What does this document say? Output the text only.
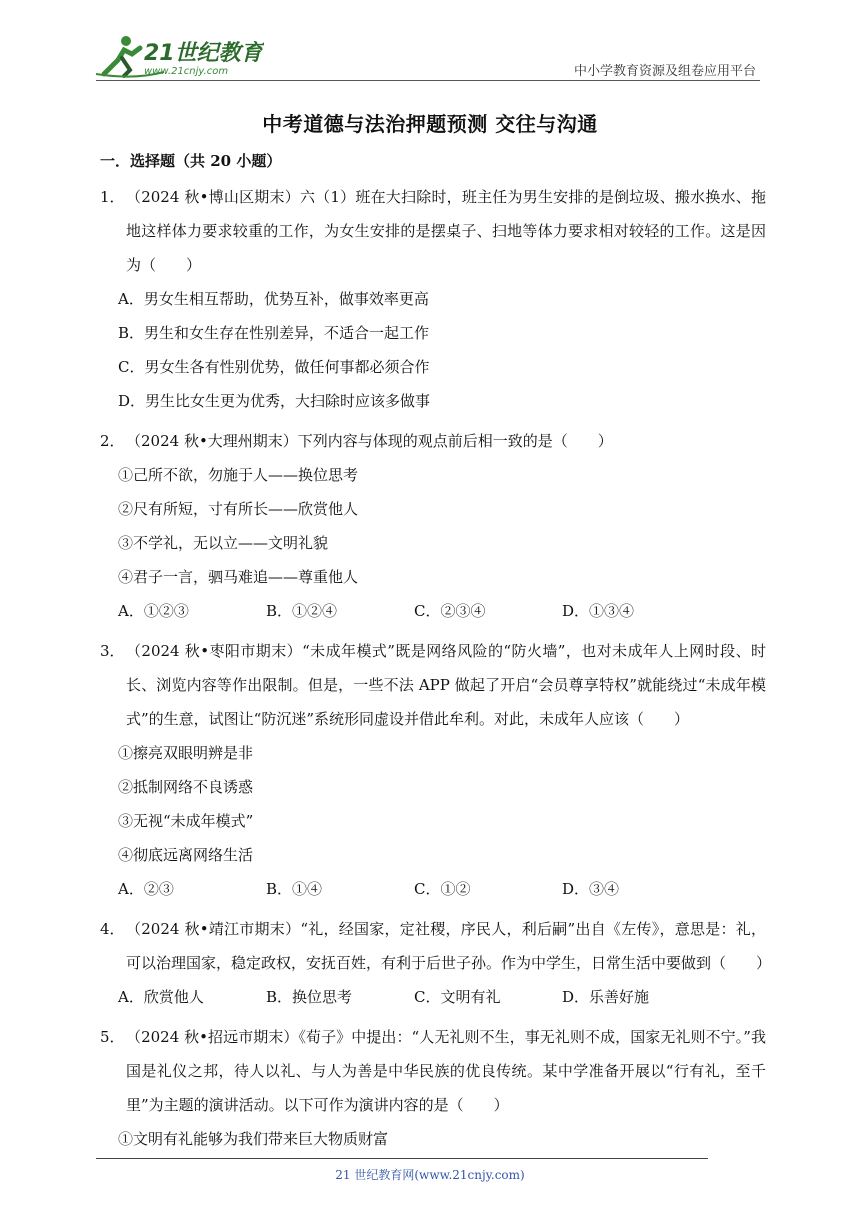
21世纪教育
www.21cnjy.com	中小学教育资源及组卷应用平台
中考道德与法治押题预测 交往与沟通
一．选择题（共 20 小题）
1． （2024 秋•博山区期末）六（1）班在大扫除时，班主任为男生安排的是倒垃圾、搬水换水、拖地这样体力要求较重的工作，为女生安排的是摆桌子、扫地等体力要求相对较轻的工作。这是因为（　　）
A．男女生相互帮助，优势互补，做事效率更高
B．男生和女生存在性别差异，不适合一起工作
C．男女生各有性别优势，做任何事都必须合作
D．男生比女生更为优秀，大扫除时应该多做事
2． （2024 秋•大理州期末）下列内容与体现的观点前后相一致的是（　　）
①己所不欲，勿施于人——换位思考
②尺有所短，寸有所长——欣赏他人
③不学礼，无以立——文明礼貌
④君子一言，驷马难追——尊重他人
A．①②③	B．①②④	C．②③④	D．①③④
3． （2024 秋•枣阳市期末）“未成年模式”既是网络风险的“防火墙”，也对未成年人上网时段、时长、浏览内容等作出限制。但是，一些不法 APP 做起了开启“会员尊享特权”就能绕过“未成年模式”的生意，试图让“防沉迷”系统形同虚设并借此牟利。对此，未成年人应该（　　）
①擦亮双眼明辨是非
②抵制网络不良诱惑
③无视“未成年模式”
④彻底远离网络生活
A．②③	B．①④	C．①②	D．③④
4． （2024 秋•靖江市期末）“礼，经国家，定社稷，序民人，利后嗣”出自《左传》，意思是：礼，可以治理国家，稳定政权，安抚百姓，有利于后世子孙。作为中学生，日常生活中要做到（　　）
A．欣赏他人	B．换位思考	C．文明有礼	D．乐善好施
5． （2024 秋•招远市期末）《荀子》中提出：“人无礼则不生，事无礼则不成，国家无礼则不宁。”我国是礼仪之邦，待人以礼、与人为善是中华民族的优良传统。某中学准备开展以“行有礼，至千里”为主题的演讲活动。以下可作为演讲内容的是（　　）
①文明有礼能够为我们带来巨大物质财富
21 世纪教育网(www.21cnjy.com)
